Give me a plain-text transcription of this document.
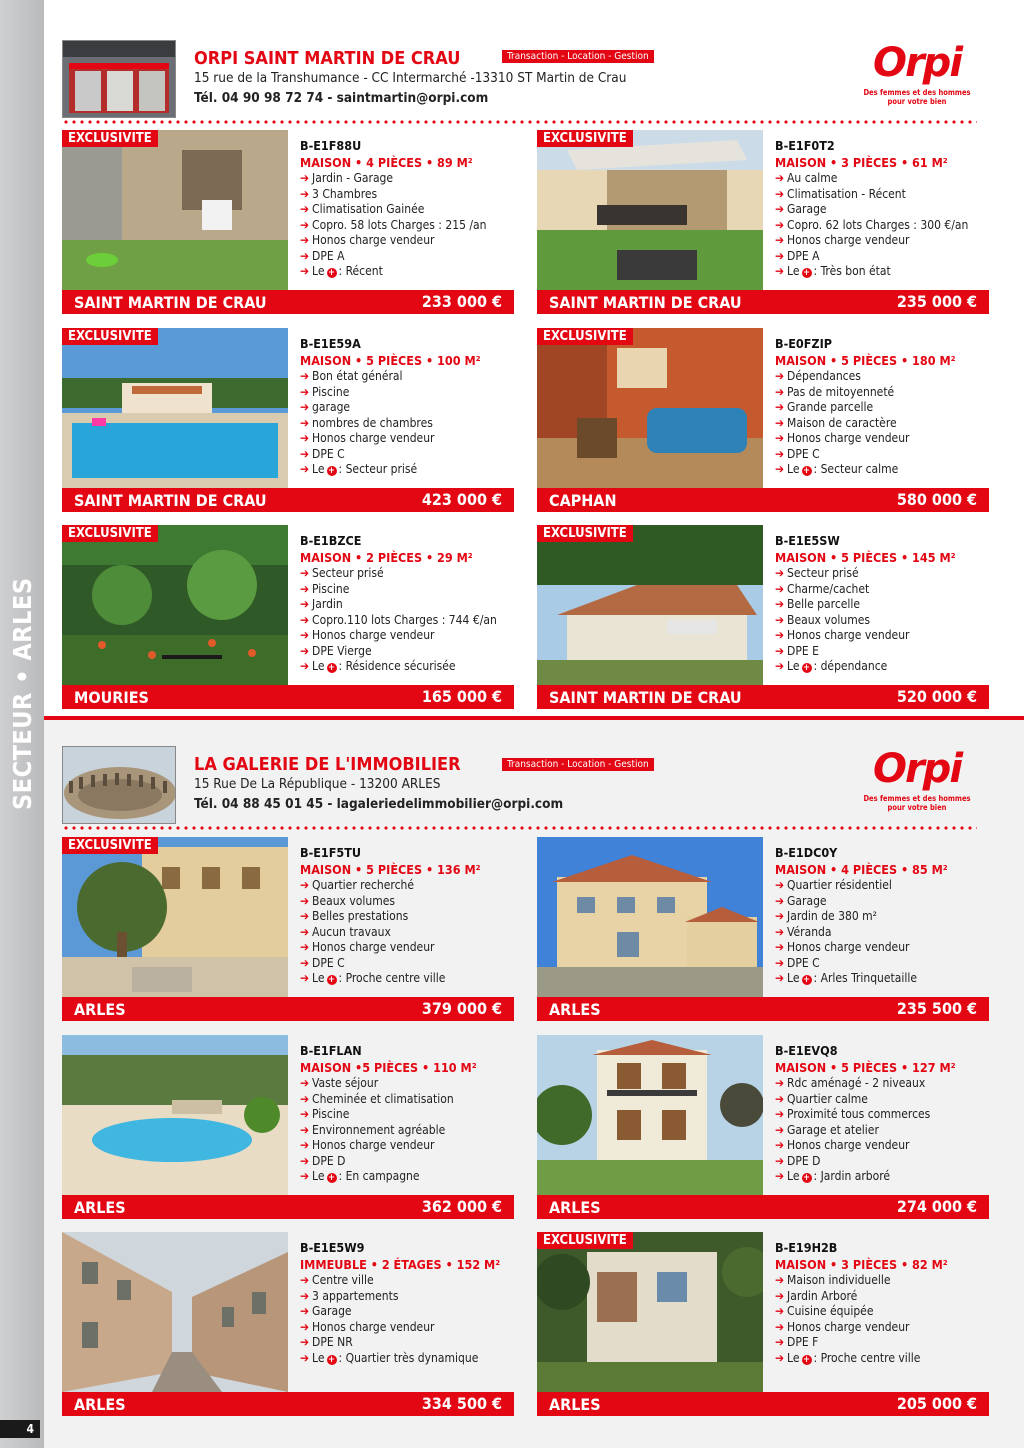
SECTEUR • ARLES
4
ORPI SAINT MARTIN DE CRAU	Transaction - Location - Gestion
15 rue de la Transhumance - CC Intermarché -13310 ST Martin de Crau
Tél. 04 90 98 72 74 - saintmartin@orpi.com
Orpi
Des femmes et des hommes
pour votre bien
LA GALERIE DE L'IMMOBILIER	Transaction - Location - Gestion
15 Rue De La République - 13200 ARLES
Tél. 04 88 45 01 45 - lagaleriedelimmobilier@orpi.com
Orpi
Des femmes et des hommes
pour votre bien
EXCLUSIVITE	B-E1F88U
MAISON • 4 PIÈCES • 89 M²
➔ Jardin - Garage
➔ 3 Chambres
➔ Climatisation Gainée
➔ Copro. 58 lots Charges : 215 /an
➔ Honos charge vendeur
➔ DPE A
➔ Le + : Récent
SAINT MARTIN DE CRAU	233 000 €
EXCLUSIVITE	B-E1F0T2
MAISON • 3 PIÈCES • 61 M²
➔ Au calme
➔ Climatisation - Récent
➔ Garage
➔ Copro. 62 lots Charges : 300 €/an
➔ Honos charge vendeur
➔ DPE A
➔ Le + : Très bon état
SAINT MARTIN DE CRAU	235 000 €
EXCLUSIVITE	B-E1E59A
MAISON • 5 PIÈCES • 100 M²
➔ Bon état général
➔ Piscine
➔ garage
➔ nombres de chambres
➔ Honos charge vendeur
➔ DPE C
➔ Le + : Secteur prisé
SAINT MARTIN DE CRAU	423 000 €
EXCLUSIVITE	B-E0FZIP
MAISON • 5 PIÈCES • 180 M²
➔ Dépendances
➔ Pas de mitoyenneté
➔ Grande parcelle
➔ Maison de caractère
➔ Honos charge vendeur
➔ DPE C
➔ Le + : Secteur calme
CAPHAN	580 000 €
EXCLUSIVITE	B-E1BZCE
MAISON • 2 PIÈCES • 29 M²
➔ Secteur prisé
➔ Piscine
➔ Jardin
➔ Copro.110 lots Charges : 744 €/an
➔ Honos charge vendeur
➔ DPE Vierge
➔ Le + : Résidence sécurisée
MOURIES	165 000 €
EXCLUSIVITE	B-E1E5SW
MAISON • 5 PIÈCES • 145 M²
➔ Secteur prisé
➔ Charme/cachet
➔ Belle parcelle
➔ Beaux volumes
➔ Honos charge vendeur
➔ DPE E
➔ Le + : dépendance
SAINT MARTIN DE CRAU	520 000 €
EXCLUSIVITE	B-E1F5TU
MAISON • 5 PIÈCES • 136 M²
➔ Quartier recherché
➔ Beaux volumes
➔ Belles prestations
➔ Aucun travaux
➔ Honos charge vendeur
➔ DPE C
➔ Le + : Proche centre ville
ARLES	379 000 €
B-E1DC0Y
MAISON • 4 PIÈCES • 85 M²
➔ Quartier résidentiel
➔ Garage
➔ Jardin de 380 m²
➔ Véranda
➔ Honos charge vendeur
➔ DPE C
➔ Le + : Arles Trinquetaille
ARLES	235 500 €
B-E1FLAN
MAISON •5 PIÈCES • 110 M²
➔ Vaste séjour
➔ Cheminée et climatisation
➔ Piscine
➔ Environnement agréable
➔ Honos charge vendeur
➔ DPE D
➔ Le + : En campagne
ARLES	362 000 €
B-E1EVQ8
MAISON • 5 PIÈCES • 127 M²
➔ Rdc aménagé - 2 niveaux
➔ Quartier calme
➔ Proximité tous commerces
➔ Garage et atelier
➔ Honos charge vendeur
➔ DPE D
➔ Le + : Jardin arboré
ARLES	274 000 €
B-E1E5W9
IMMEUBLE • 2 ÉTAGES • 152 M²
➔ Centre ville
➔ 3 appartements
➔ Garage
➔ Honos charge vendeur
➔ DPE NR
➔ Le + : Quartier très dynamique
ARLES	334 500 €
EXCLUSIVITE	B-E19H2B
MAISON • 3 PIÈCES • 82 M²
➔ Maison individuelle
➔ Jardin Arboré
➔ Cuisine équipée
➔ Honos charge vendeur
➔ DPE F
➔ Le + : Proche centre ville
ARLES	205 000 €
